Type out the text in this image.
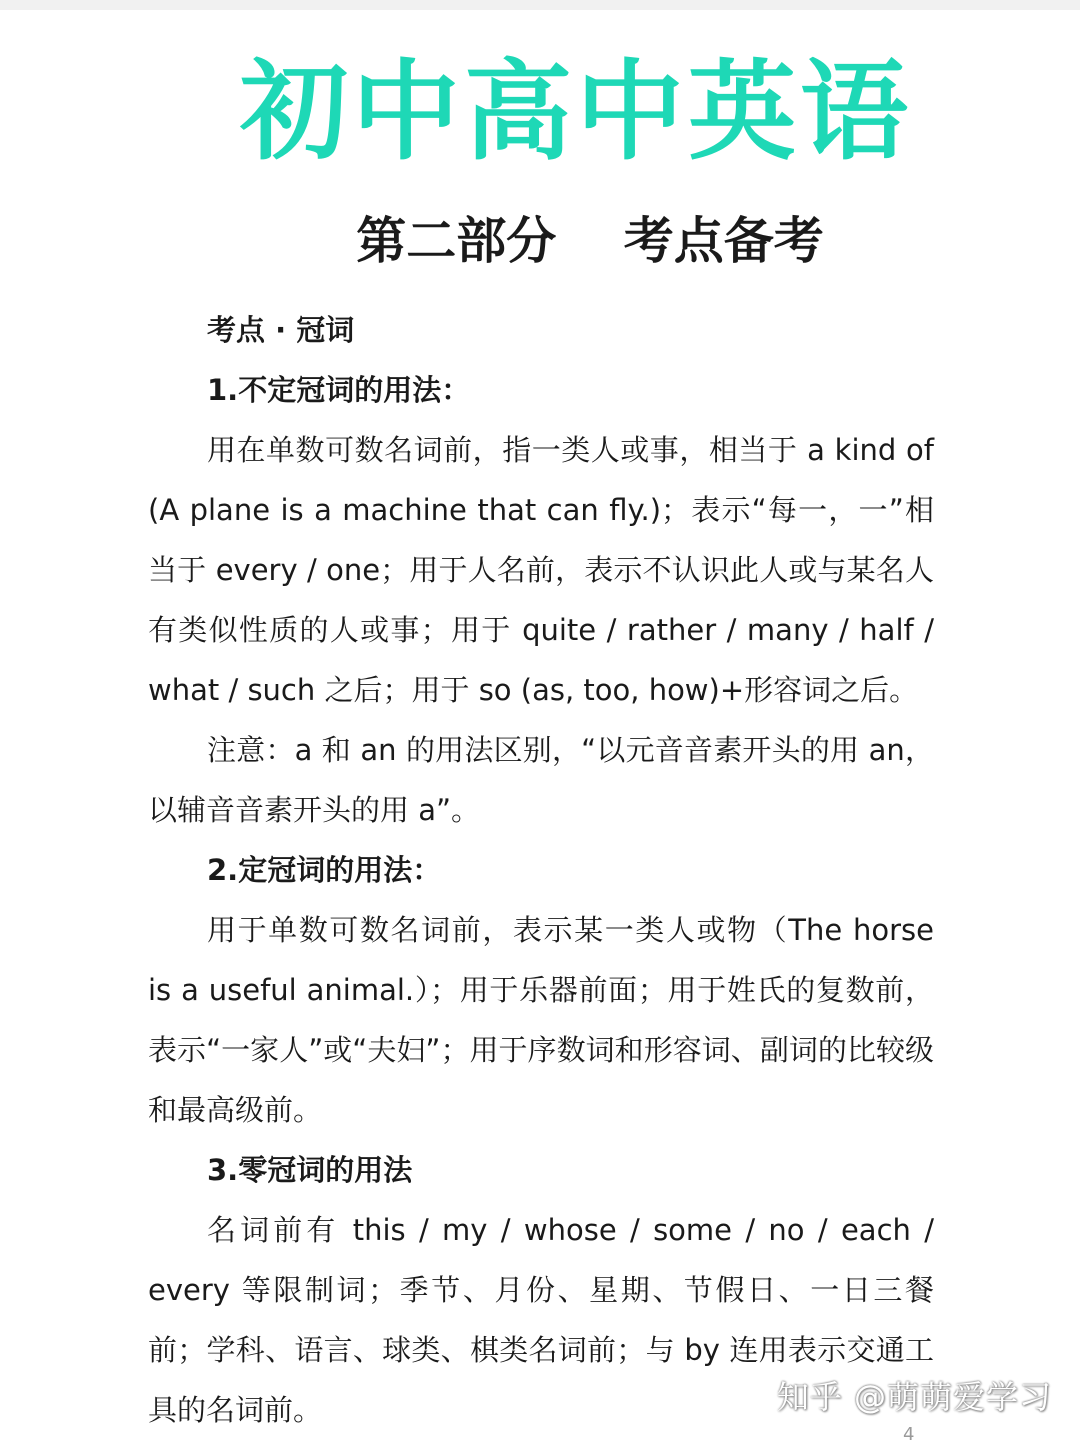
初中高中英语
第二部分　 考点备考

考点 · 冠词

1.不定冠词的用法：

用在单数可数名词前，指一类人或事，相当于 a kind of (A plane is a machine that can fly.)；表示“每一，一”相当于 every / one；用于人名前，表示不认识此人或与某名人有类似性质的人或事；用于 quite / rather / many / half / what / such 之后；用于 so (as, too, how)+形容词之后。

注意：a 和 an 的用法区别，“以元音音素开头的用 an，以辅音音素开头的用 a”。

2.定冠词的用法：

用于单数可数名词前，表示某一类人或物（The horse is a useful animal.）；用于乐器前面；用于姓氏的复数前，表示“一家人”或“夫妇”；用于序数词和形容词、副词的比较级和最高级前。

3.零冠词的用法

名词前有 this / my / whose / some / no / each / every 等限制词；季节、月份、星期、节假日、一日三餐前；学科、语言、球类、棋类名词前；与 by 连用表示交通工具的名词前。	知乎 @萌萌爱学习
4
